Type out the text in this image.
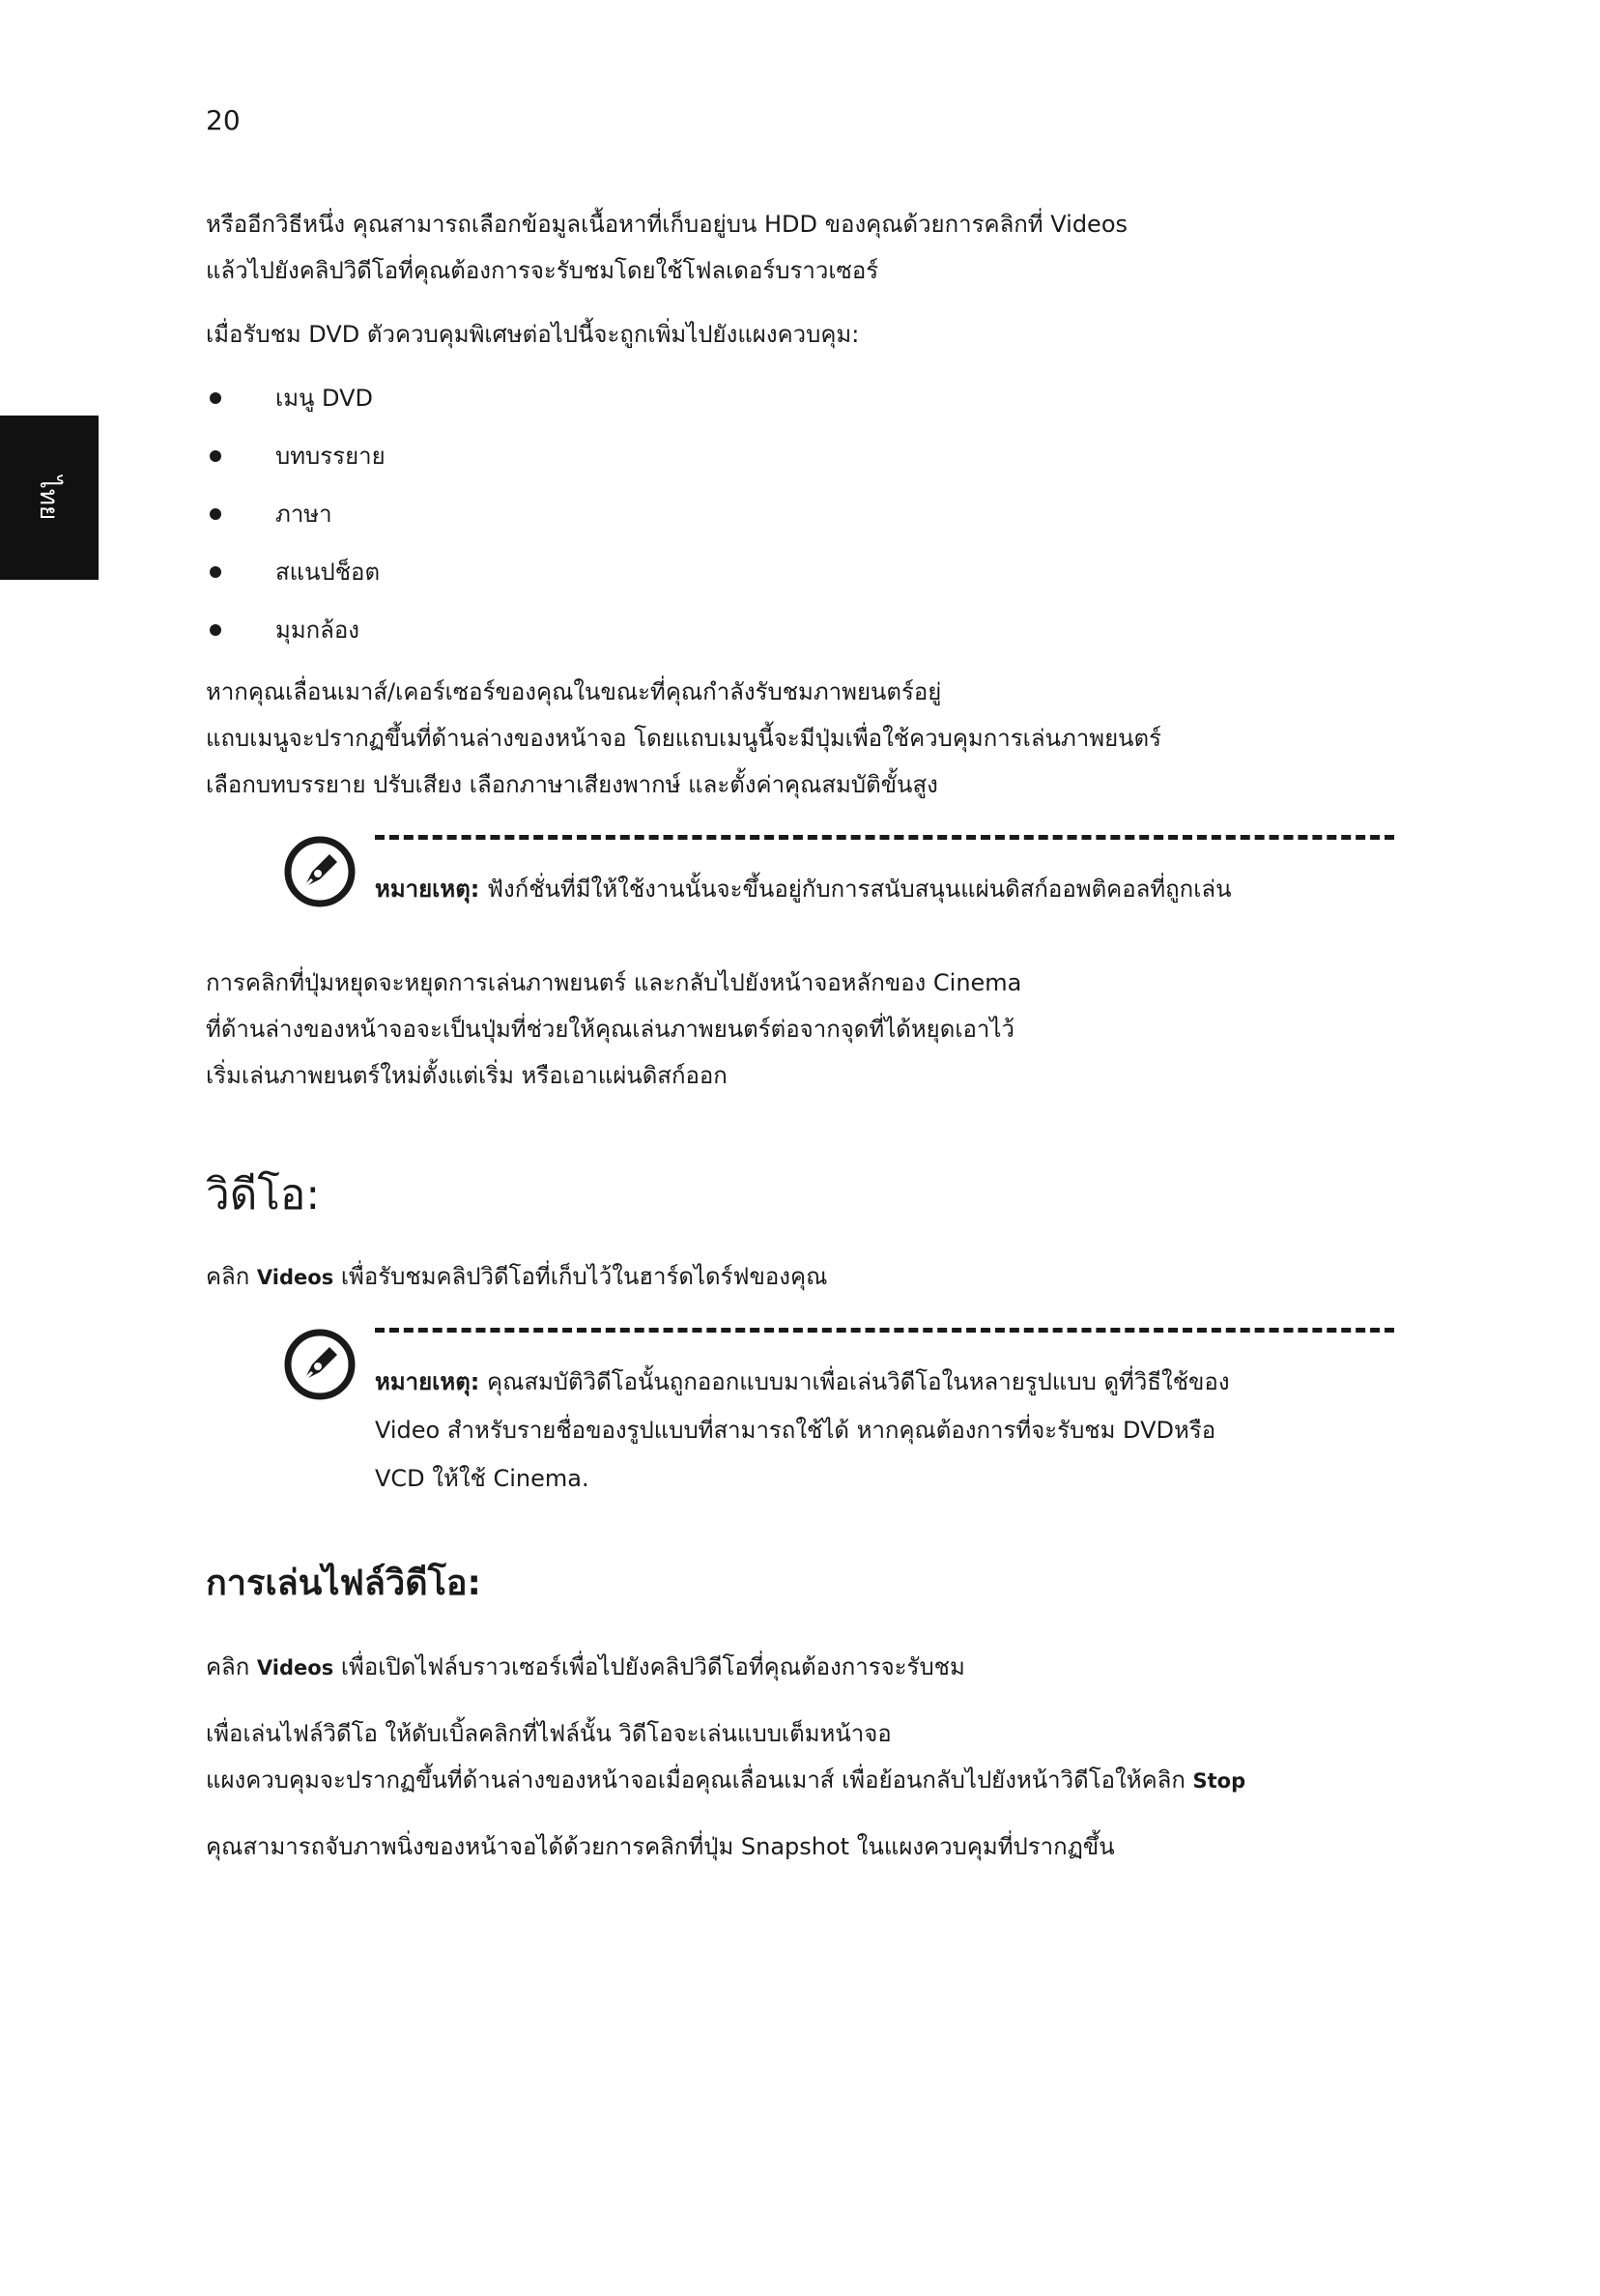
20
ไทย

หรืออีกวิธีหนึ่ง คุณสามารถเลือกข้อมูลเนื้อหาที่เก็บอยู่บน HDD ของคุณด้วยการคลิกที่ Videos

แล้วไปยังคลิปวิดีโอที่คุณต้องการจะรับชมโดยใช้โฟลเดอร์บราวเซอร์

เมื่อรับชม DVD ตัวควบคุมพิเศษต่อไปนี้จะถูกเพิ่มไปยังแผงควบคุม:

เมนู DVD
บทบรรยาย
ภาษา
สแนปช็อต
มุมกล้อง

หากคุณเลื่อนเมาส์/เคอร์เซอร์ของคุณในขณะที่คุณกำลังรับชมภาพยนตร์อยู่

แถบเมนูจะปรากฏขึ้นที่ด้านล่างของหน้าจอ โดยแถบเมนูนี้จะมีปุ่มเพื่อใช้ควบคุมการเล่นภาพยนตร์

เลือกบทบรรยาย ปรับเสียง เลือกภาษาเสียงพากษ์ และตั้งค่าคุณสมบัติขั้นสูง

หมายเหตุ: ฟังก์ชั่นที่มีให้ใช้งานนั้นจะขึ้นอยู่กับการสนับสนุนแผ่นดิสก์ออพติคอลที่ถูกเล่น

การคลิกที่ปุ่มหยุดจะหยุดการเล่นภาพยนตร์ และกลับไปยังหน้าจอหลักของ Cinema

ที่ด้านล่างของหน้าจอจะเป็นปุ่มที่ช่วยให้คุณเล่นภาพยนตร์ต่อจากจุดที่ได้หยุดเอาไว้

เริ่มเล่นภาพยนตร์ใหม่ตั้งแต่เริ่ม หรือเอาแผ่นดิสก์ออก

วิดีโอ:

คลิก Videos เพื่อรับชมคลิปวิดีโอที่เก็บไว้ในฮาร์ดไดร์ฟของคุณ

หมายเหตุ: คุณสมบัติวิดีโอนั้นถูกออกแบบมาเพื่อเล่นวิดีโอในหลายรูปแบบ ดูที่วิธีใช้ของ
Video สำหรับรายชื่อของรูปแบบที่สามารถใช้ได้ หากคุณต้องการที่จะรับชม DVDหรือ
VCD ให้ใช้ Cinema.
การเล่นไฟล์วิดีโอ:

คลิก Videos เพื่อเปิดไฟล์บราวเซอร์เพื่อไปยังคลิปวิดีโอที่คุณต้องการจะรับชม

เพื่อเล่นไฟล์วิดีโอ ให้ดับเบิ้ลคลิกที่ไฟล์นั้น วิดีโอจะเล่นแบบเต็มหน้าจอ

แผงควบคุมจะปรากฏขึ้นที่ด้านล่างของหน้าจอเมื่อคุณเลื่อนเมาส์ เพื่อย้อนกลับไปยังหน้าวิดีโอให้คลิก Stop

คุณสามารถจับภาพนิ่งของหน้าจอได้ด้วยการคลิกที่ปุ่ม Snapshot ในแผงควบคุมที่ปรากฏขึ้น
